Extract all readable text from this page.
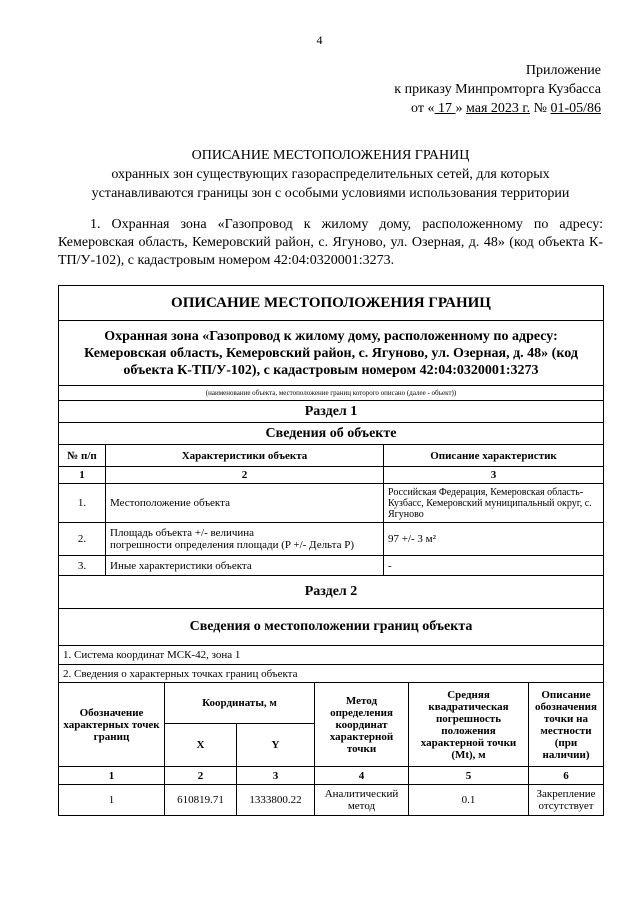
4
Приложение
к приказу Минпромторга Кузбасса
от « 17 » мая 2023 г. № 01-05/86
ОПИСАНИЕ МЕСТОПОЛОЖЕНИЯ ГРАНИЦ
охранных зон существующих газораспределительных сетей, для которых
устанавливаются границы зон с особыми условиями использования территории
1. Охранная зона «Газопровод к жилому дому, расположенному по адресу: Кемеровская область, Кемеровский район, с. Ягуново, ул. Озерная, д. 48» (код объекта К-ТП/У-102), с кадастровым номером 42:04:0320001:3273.
ОПИСАНИЕ МЕСТОПОЛОЖЕНИЯ ГРАНИЦ							
Охранная зона «Газопровод к жилому дому, расположенному по адресу: Кемеровская область, Кемеровский район, с. Ягуново, ул. Озерная, д. 48» (код объекта К-ТП/У-102), с кадастровым номером 42:04:0320001:3273							
(наименование объекта, местоположение границ которого описано (далее - объект))							
Раздел 1							
Сведения об объекте							
№ п/п	Характеристики объекта				Описание характеристик		
1	2				3		
1.	Местоположение объекта				Российская Федерация, Кемеровская область-Кузбасс, Кемеровский муниципальный округ, с. Ягуново		
2.	Площадь объекта +/- величина
погрешности определения площади (P +/- Дельта P)				97 +/- 3 м²		
3.	Иные характеристики объекта				-		
Раздел 2							
Сведения о местоположении границ объекта							
1. Система координат МСК-42, зона 1							
2. Сведения о характерных точках границ объекта							
Обозначение характерных точек границ		Координаты, м		Метод определения координат характерной точки		Средняя квадратическая погрешность положения характерной точки (Mt), м	Описание обозначения точки на местности (при наличии)
		X	Y				
1		2	3	4		5	6
1		610819.71	1333800.22	Аналитический метод		0.1	Закрепление отсутствует
